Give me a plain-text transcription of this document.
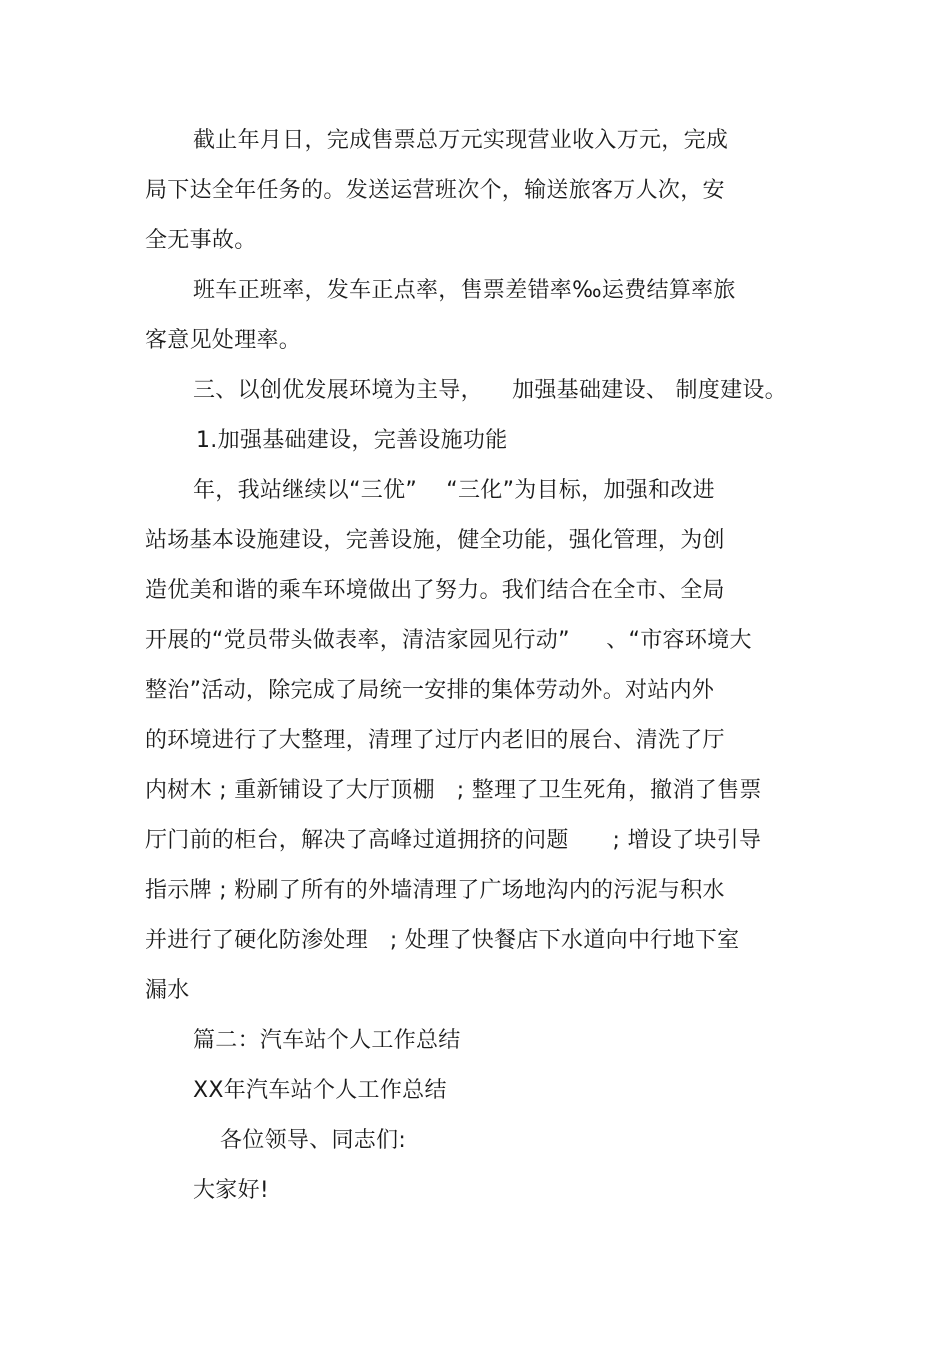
截止年月日，完成售票总万元实现营业收入万元，完成
局下达全年任务的。发送运营班次个，输送旅客万人次，安
全无事故。
班车正班率，发车正点率，售票差错率‰运费结算率旅
客意见处理率。
三、以创优发展环境为主导，    加强基础建设、 制度建设。
1.加强基础建设，完善设施功能
年，我站继续以“三优”    “三化”为目标，加强和改进
站场基本设施建设，完善设施，健全功能，强化管理，为创
造优美和谐的乘车环境做出了努力。我们结合在全市、全局
开展的“党员带头做表率，清洁家园见行动”     、“市容环境大
整治”活动，除完成了局统一安排的集体劳动外。对站内外
的环境进行了大整理，清理了过厅内老旧的展台、清洗了厅
内树木 ; 重新铺设了大厅顶棚   ; 整理了卫生死角，撤消了售票
厅门前的柜台，解决了高峰过道拥挤的问题      ; 增设了块引导
指示牌 ; 粉刷了所有的外墙清理了广场地沟内的污泥与积水
并进行了硬化防渗处理   ; 处理了快餐店下水道向中行地下室
漏水
篇二：汽车站个人工作总结
XX年汽车站个人工作总结
各位领导、同志们:
大家好!
